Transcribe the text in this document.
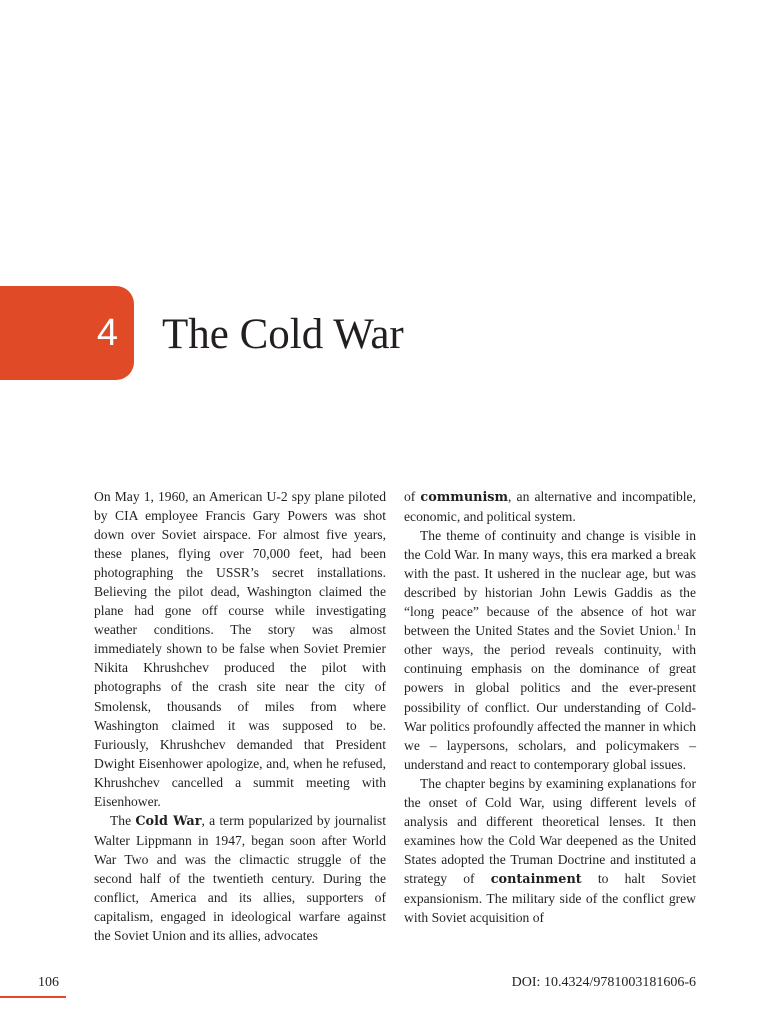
4 The Cold War

On May 1, 1960, an American U-2 spy plane piloted by CIA employee Francis Gary Powers was shot down over Soviet airspace. For almost five years, these planes, flying over 70,000 feet, had been photographing the USSR’s secret installations. Believing the pilot dead, Washington claimed the plane had gone off course while investigating weather conditions. The story was almost immediately shown to be false when Soviet Premier Nikita Khrushchev produced the pilot with photographs of the crash site near the city of Smolensk, thousands of miles from where Washington claimed it was supposed to be. Furiously, Khrushchev demanded that President Dwight Eisenhower apologize, and, when he refused, Khrushchev cancelled a summit meeting with Eisenhower.

The Cold War, a term popularized by journalist Walter Lippmann in 1947, began soon after World War Two and was the climactic struggle of the second half of the twentieth century. During the conflict, America and its allies, supporters of capitalism, engaged in ideological warfare against the Soviet Union and its allies, advocates

of communism, an alternative and incompatible, economic, and political system.

The theme of continuity and change is visible in the Cold War. In many ways, this era marked a break with the past. It ushered in the nuclear age, but was described by historian John Lewis Gaddis as the “long peace” because of the absence of hot war between the United States and the Soviet Union.$^1$ In other ways, the period reveals continuity, with continuing emphasis on the dominance of great powers in global politics and the ever-present possibility of conflict. Our understanding of Cold-War politics profoundly affected the manner in which we – laypersons, scholars, and policymakers – understand and react to contemporary global issues.

The chapter begins by examining explanations for the onset of Cold War, using different levels of analysis and different theoretical lenses. It then examines how the Cold War deepened as the United States adopted the Truman Doctrine and instituted a strategy of containment to halt Soviet expansionism. The military side of the conflict grew with Soviet acquisition of

106	DOI: 10.4324/9781003181606-6
